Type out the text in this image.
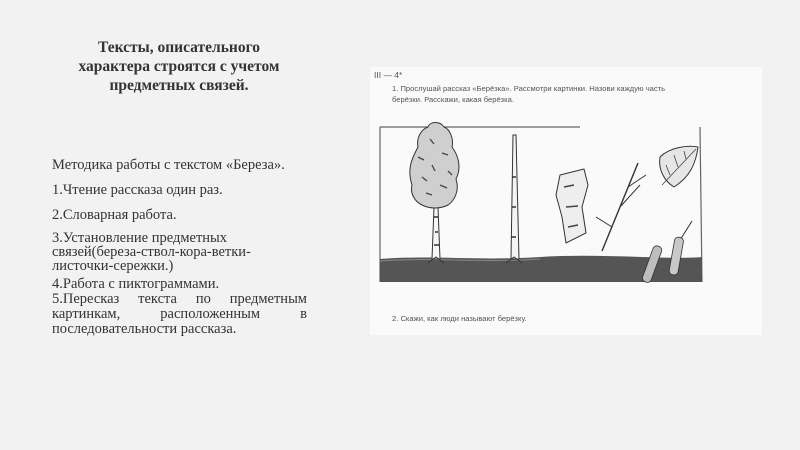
Тексты, описательного характера строятся с учетом предметных связей.

Методика работы с текстом «Береза».

1.Чтение рассказа один раз.

2.Словарная работа.

3.Установление предметных связей(береза-ствол-кора-ветки-листочки-сережки.)

4.Работа с пиктограммами.

5.Пересказ текста по предметным картинкам, расположенным в последовательности рассказа.

III — 4*
1. Прослушай рассказ «Берёзка». Рассмотри картинки. Назови каждую часть
берёзки. Расскажи, какая берёзка.
2. Скажи, как люди называют берёзку.
